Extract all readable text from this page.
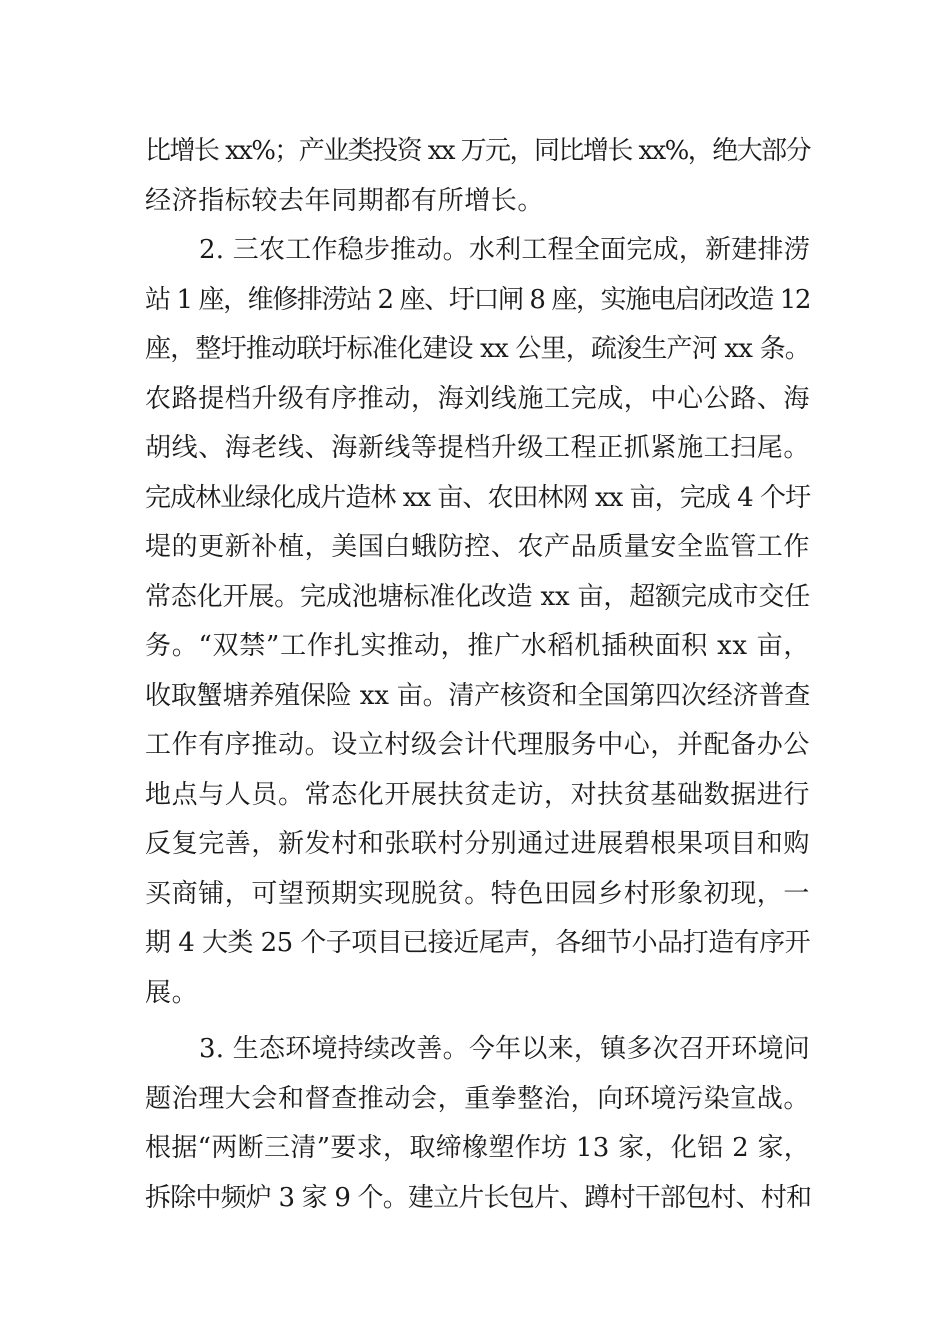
比增长 xx%；产业类投资 xx 万元，同比增长 xx%，绝大部分
经济指标较去年同期都有所增长。
2. 三农工作稳步推动。水利工程全面完成，新建排涝
站 1 座，维修排涝站 2 座、圩口闸 8 座，实施电启闭改造 12
座，整圩推动联圩标准化建设 xx 公里，疏浚生产河 xx 条。
农路提档升级有序推动，海刘线施工完成，中心公路、海
胡线、海老线、海新线等提档升级工程正抓紧施工扫尾。
完成林业绿化成片造林 xx 亩、农田林网 xx 亩，完成 4 个圩
堤的更新补植，美国白蛾防控、农产品质量安全监管工作
常态化开展。完成池塘标准化改造 xx 亩，超额完成市交任
务。“双禁”工作扎实推动，推广水稻机插秧面积 xx 亩，
收取蟹塘养殖保险 xx 亩。清产核资和全国第四次经济普查
工作有序推动。设立村级会计代理服务中心，并配备办公
地点与人员。常态化开展扶贫走访，对扶贫基础数据进行
反复完善，新发村和张联村分别通过进展碧根果项目和购
买商铺，可望预期实现脱贫。特色田园乡村形象初现，一
期 4 大类 25 个子项目已接近尾声，各细节小品打造有序开
展。
3. 生态环境持续改善。今年以来，镇多次召开环境问
题治理大会和督查推动会，重拳整治，向环境污染宣战。
根据“两断三清”要求，取缔橡塑作坊 13 家，化铝 2 家，
拆除中频炉 3 家 9 个。建立片长包片、蹲村干部包村、村和
